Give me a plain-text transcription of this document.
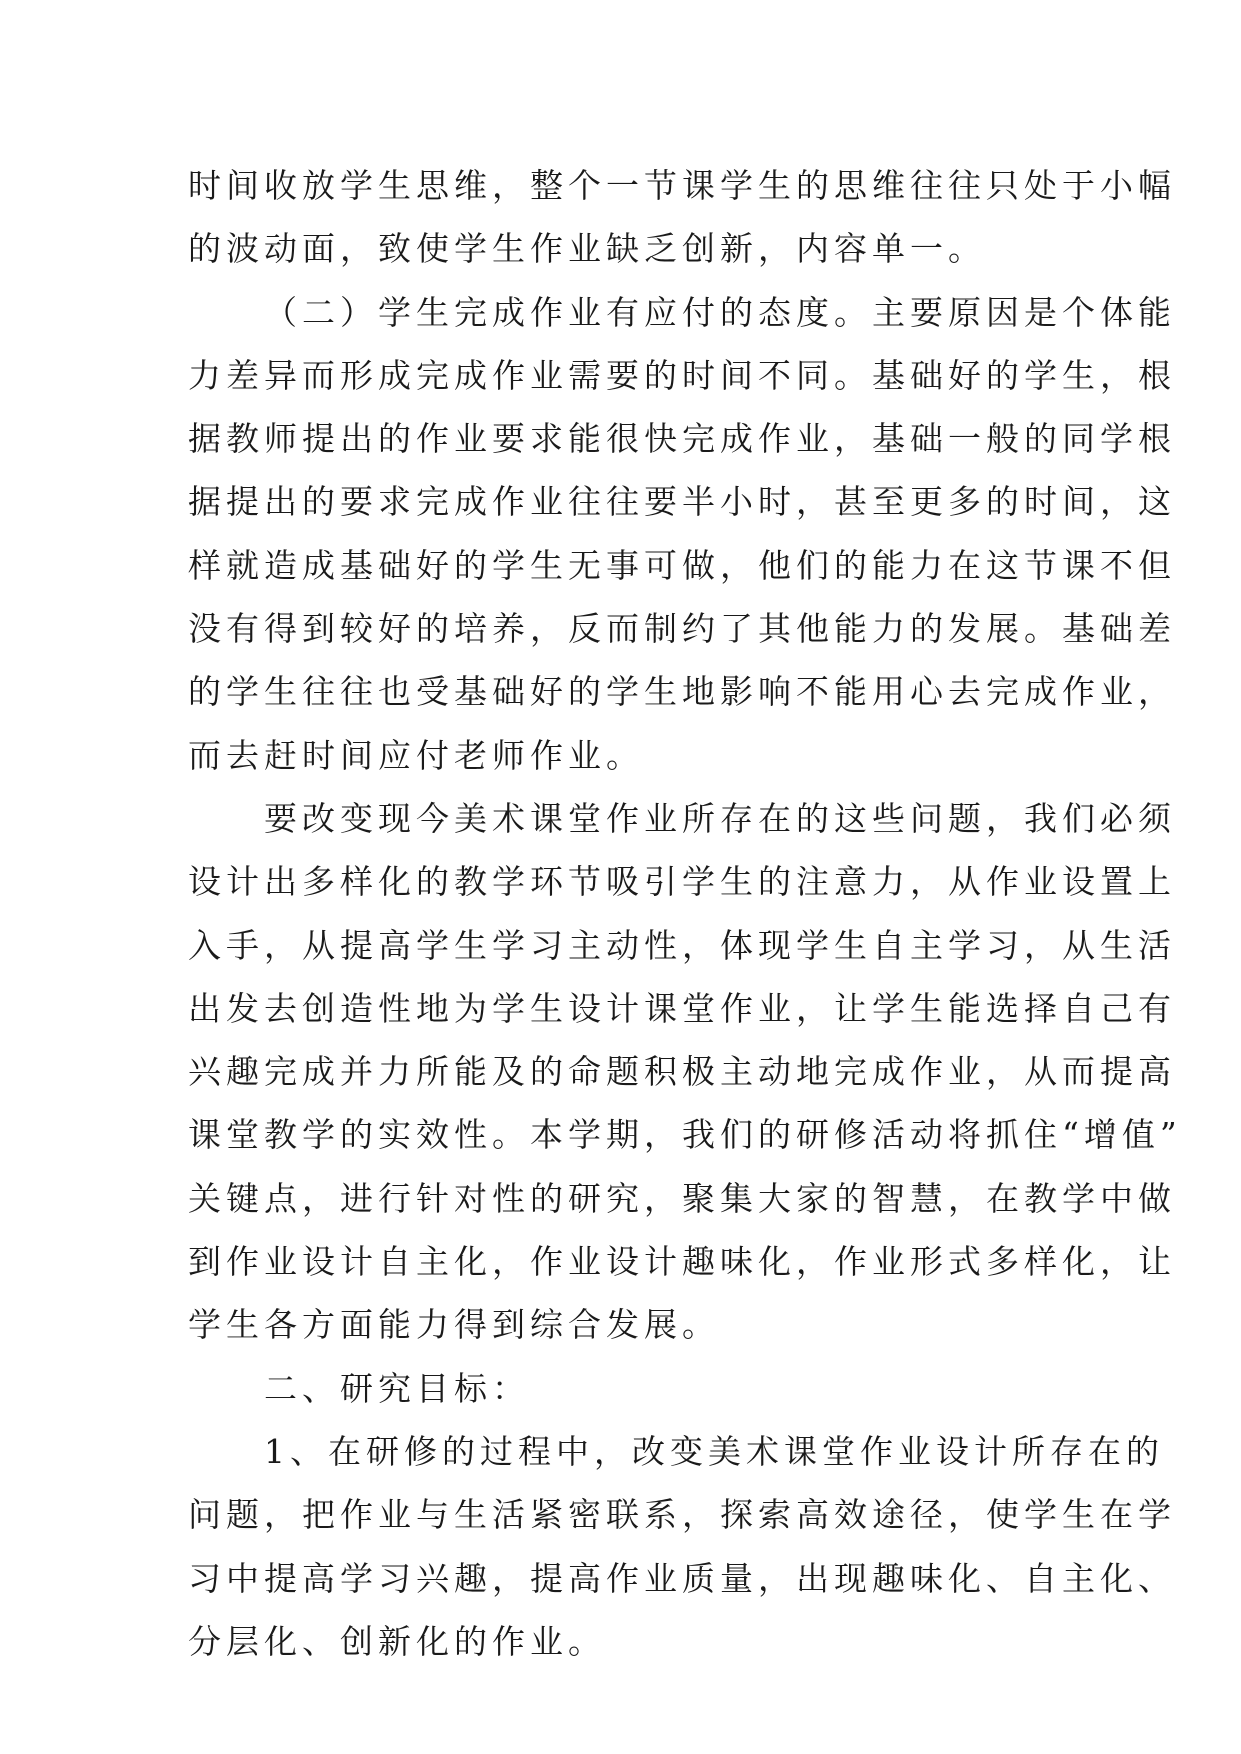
时间收放学生思维，整个一节课学生的思维往往只处于小幅
的波动面，致使学生作业缺乏创新，内容单一。
（二）学生完成作业有应付的态度。主要原因是个体能
力差异而形成完成作业需要的时间不同。基础好的学生，根
据教师提出的作业要求能很快完成作业，基础一般的同学根
据提出的要求完成作业往往要半小时，甚至更多的时间，这
样就造成基础好的学生无事可做，他们的能力在这节课不但
没有得到较好的培养，反而制约了其他能力的发展。基础差
的学生往往也受基础好的学生地影响不能用心去完成作业，
而去赶时间应付老师作业。
要改变现今美术课堂作业所存在的这些问题，我们必须
设计出多样化的教学环节吸引学生的注意力，从作业设置上
入手，从提高学生学习主动性，体现学生自主学习，从生活
出发去创造性地为学生设计课堂作业，让学生能选择自己有
兴趣完成并力所能及的命题积极主动地完成作业，从而提高
课堂教学的实效性。本学期，我们的研修活动将抓住“增值”
关键点，进行针对性的研究，聚集大家的智慧，在教学中做
到作业设计自主化，作业设计趣味化，作业形式多样化，让
学生各方面能力得到综合发展。
二、研究目标：
1、在研修的过程中，改变美术课堂作业设计所存在的
问题，把作业与生活紧密联系，探索高效途径，使学生在学
习中提高学习兴趣，提高作业质量，出现趣味化、自主化、
分层化、创新化的作业。
